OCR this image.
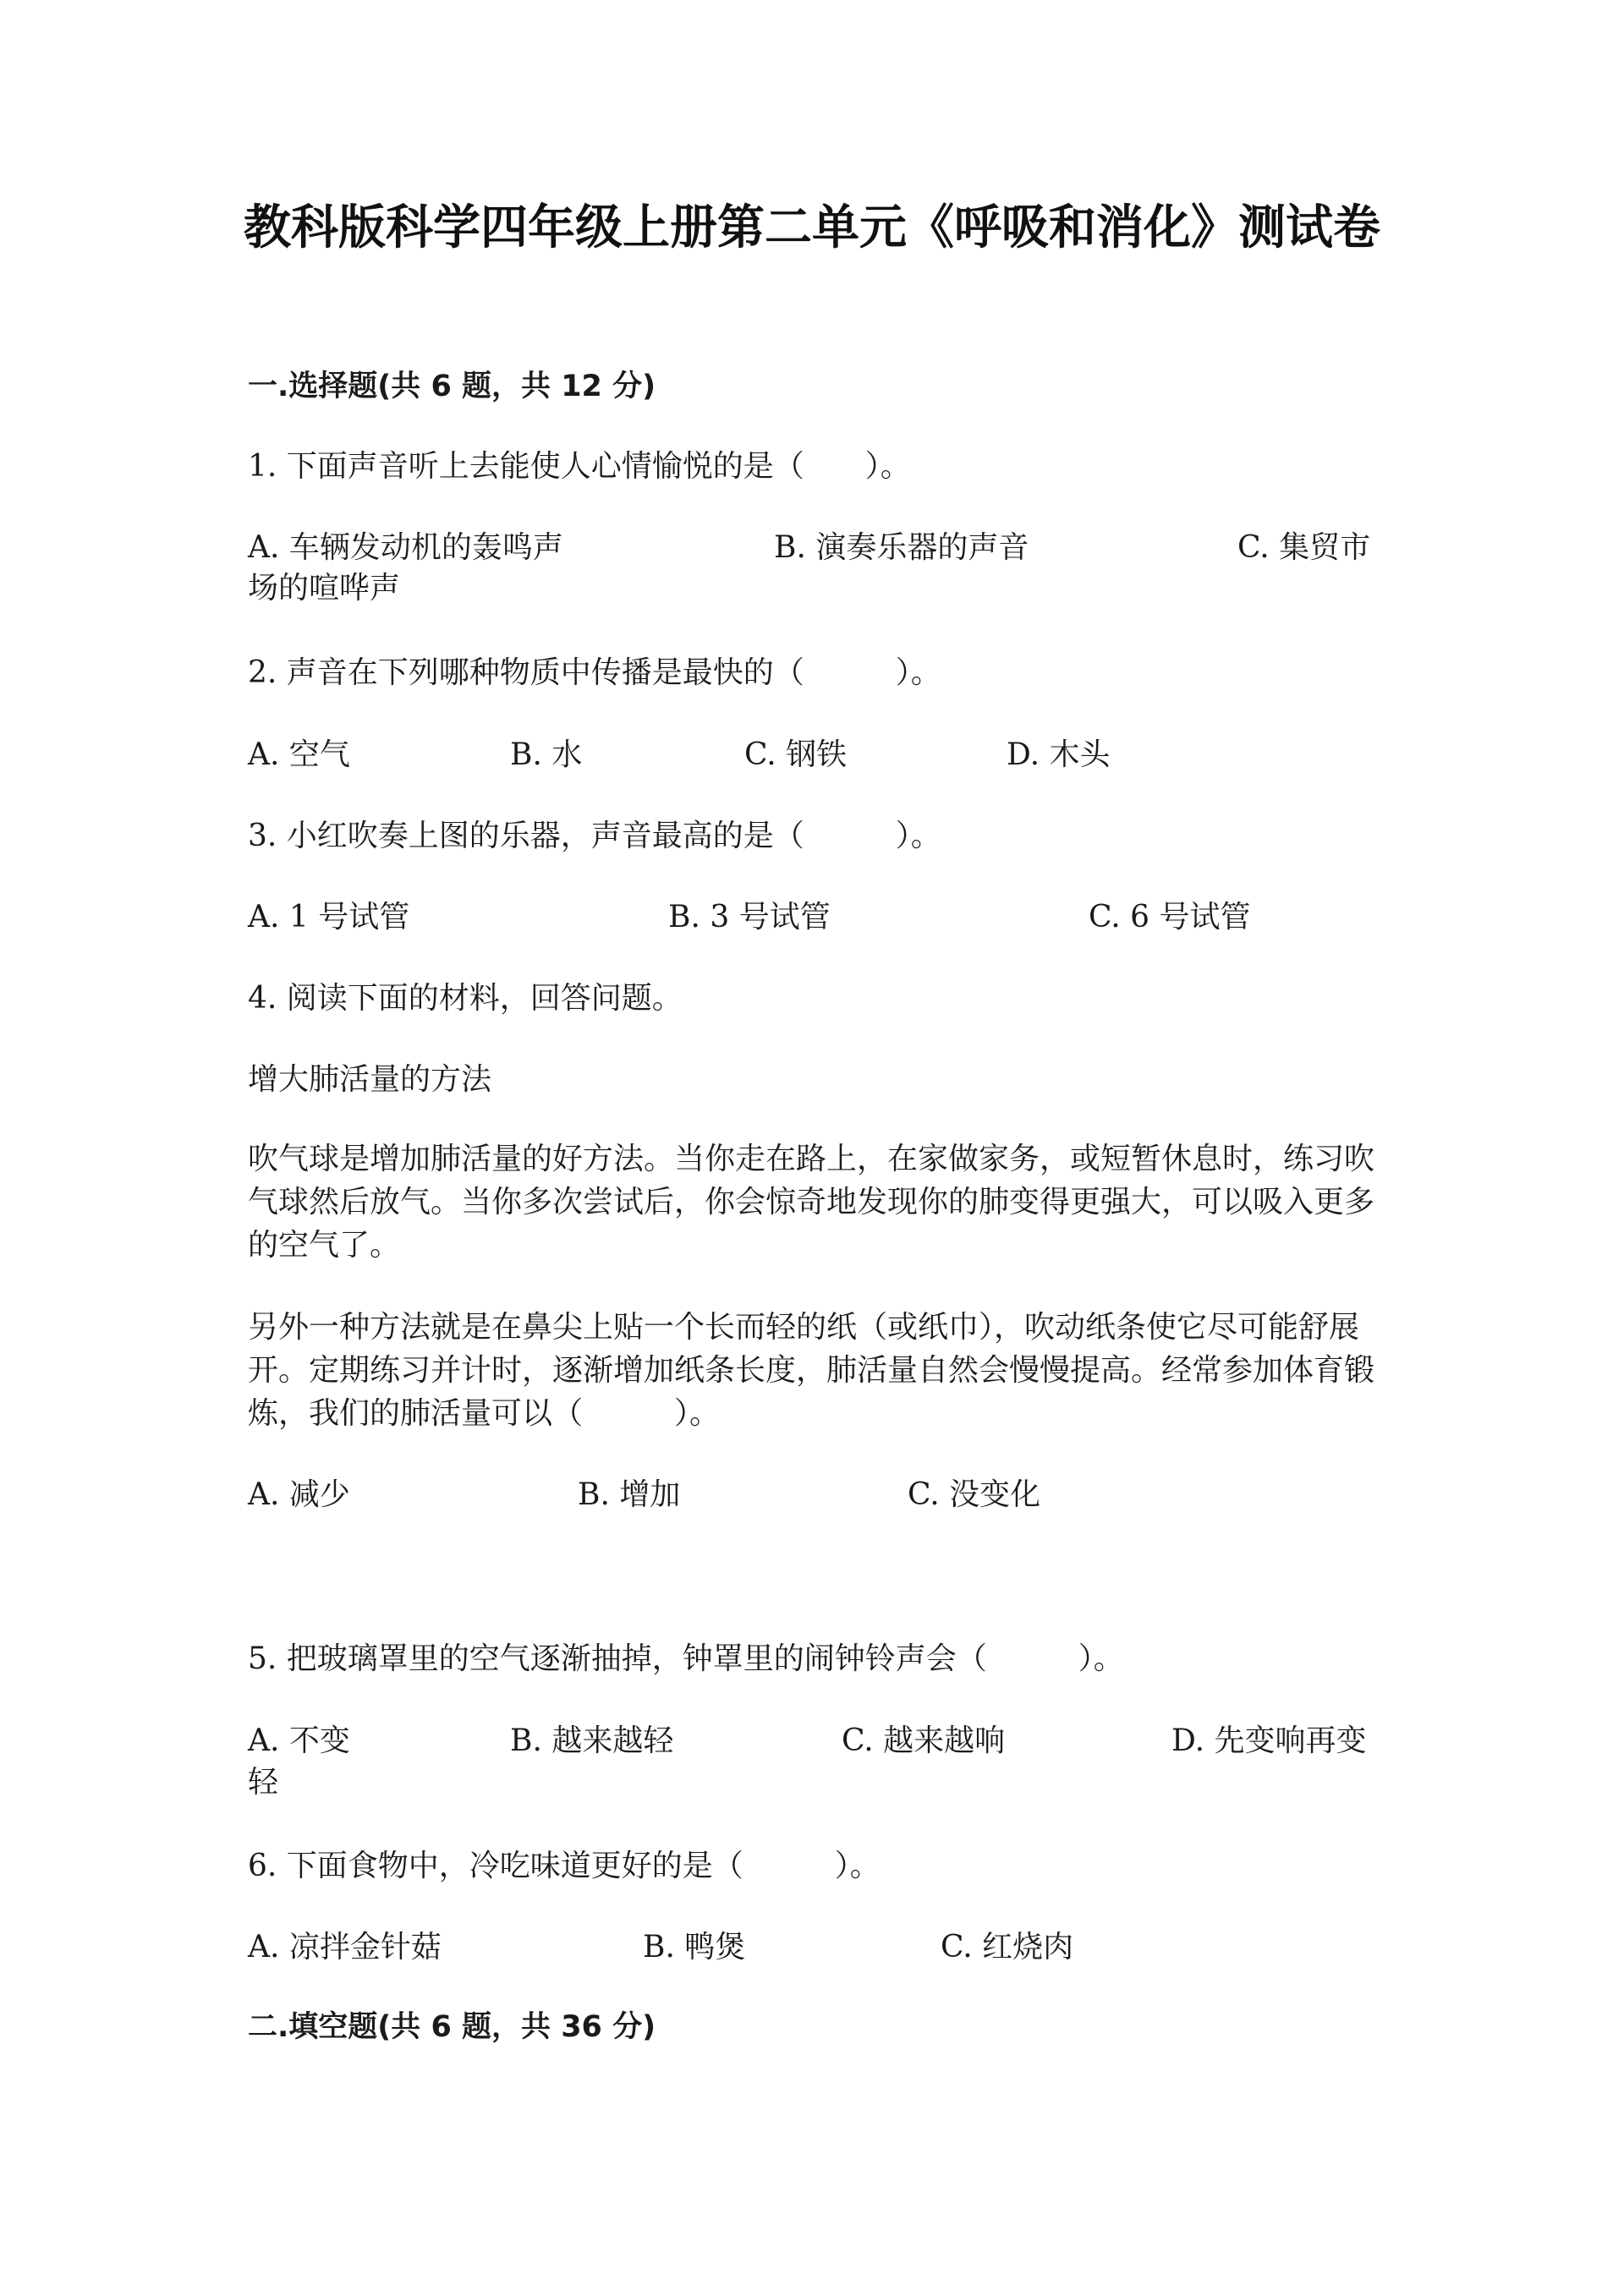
教科版科学四年级上册第二单元《呼吸和消化》测试卷
一.选择题(共 6 题，共 12 分)
1. 下面声音听上去能使人心情愉悦的是（　　）。
A. 车辆发动机的轰鸣声	B. 演奏乐器的声音	C. 集贸市
场的喧哗声
2. 声音在下列哪种物质中传播是最快的（　　　）。
A. 空气	B. 水	C. 钢铁	D. 木头
3. 小红吹奏上图的乐器，声音最高的是（　　　）。
A. 1 号试管	B. 3 号试管	C. 6 号试管
4. 阅读下面的材料，回答问题。
增大肺活量的方法
吹气球是增加肺活量的好方法。当你走在路上，在家做家务，或短暂休息时，练习吹气球然后放气。当你多次尝试后，你会惊奇地发现你的肺变得更强大，可以吸入更多的空气了。
另外一种方法就是在鼻尖上贴一个长而轻的纸（或纸巾），吹动纸条使它尽可能舒展开。定期练习并计时，逐渐增加纸条长度，肺活量自然会慢慢提高。经常参加体育锻炼，我们的肺活量可以（　　　）。
A. 减少	B. 增加	C. 没变化
5. 把玻璃罩里的空气逐渐抽掉，钟罩里的闹钟铃声会（　　　）。
A. 不变	B. 越来越轻	C. 越来越响	D. 先变响再变
轻
6. 下面食物中，冷吃味道更好的是（　　　）。
A. 凉拌金针菇	B. 鸭煲	C. 红烧肉
二.填空题(共 6 题，共 36 分)
